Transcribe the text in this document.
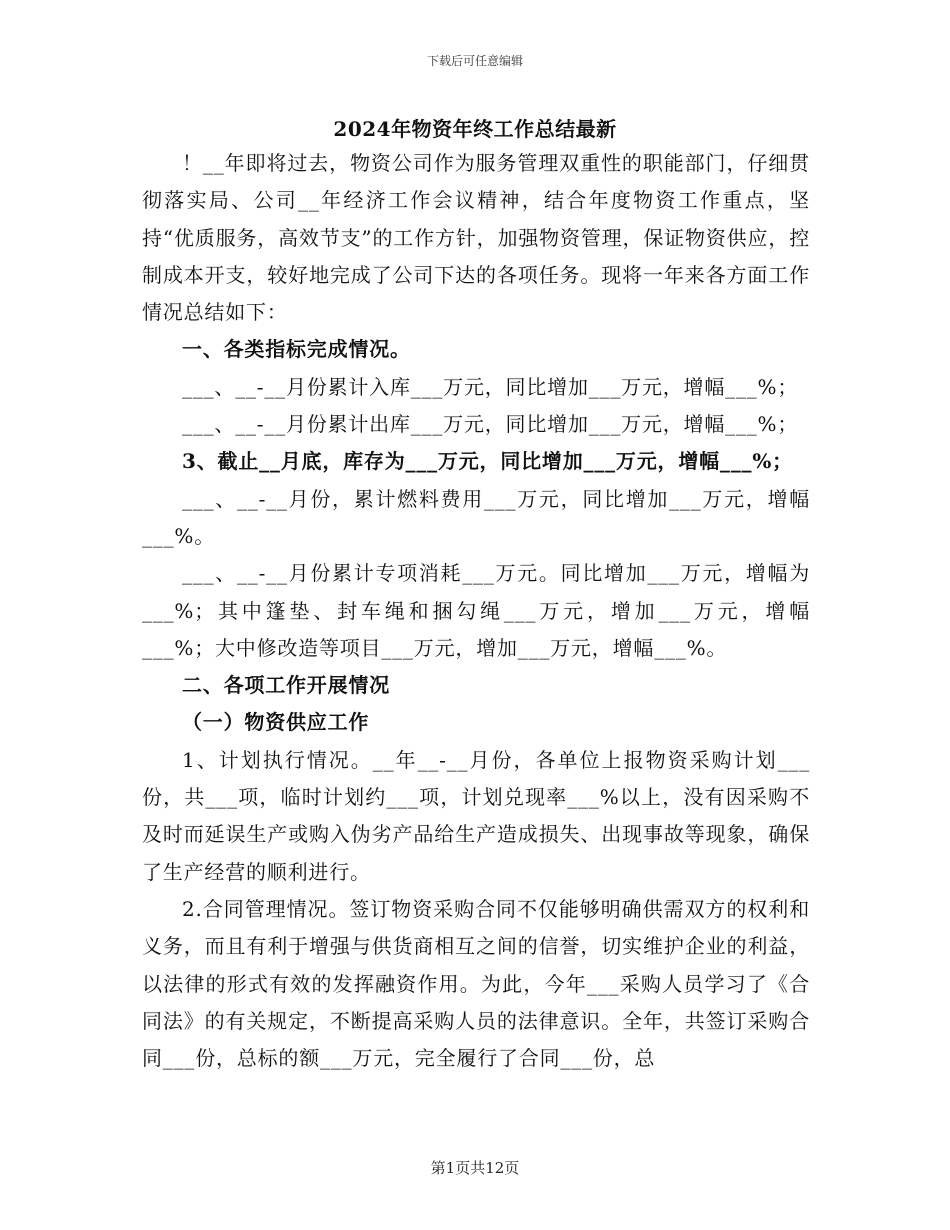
下载后可任意编辑
2024年物资年终工作总结最新

！__年即将过去，物资公司作为服务管理双重性的职能部门，仔细贯彻落实局、公司__年经济工作会议精神，结合年度物资工作重点，坚持“优质服务，高效节支”的工作方针，加强物资管理，保证物资供应，控制成本开支，较好地完成了公司下达的各项任务。现将一年来各方面工作情况总结如下：

一、各类指标完成情况。

___、__-__月份累计入库___万元，同比增加___万元，增幅___%；

___、__-__月份累计出库___万元，同比增加___万元，增幅___%；

3、截止__月底，库存为___万元，同比增加___万元，增幅___%；

___、__-__月份，累计燃料费用___万元，同比增加___万元，增幅___%。

___、__-__月份累计专项消耗___万元。同比增加___万元，增幅为___%；其中篷垫、封车绳和捆勾绳___万元，增加___万元，增幅___%；大中修改造等项目___万元，增加___万元，增幅___%。

二、各项工作开展情况

（一）物资供应工作

1、计划执行情况。__年__-__月份，各单位上报物资采购计划___份，共___项，临时计划约___项，计划兑现率___%以上，没有因采购不及时而延误生产或购入伪劣产品给生产造成损失、出现事故等现象，确保了生产经营的顺利进行。

2.合同管理情况。签订物资采购合同不仅能够明确供需双方的权利和义务，而且有利于增强与供货商相互之间的信誉，切实维护企业的利益，以法律的形式有效的发挥融资作用。为此，今年___采购人员学习了《合同法》的有关规定，不断提高采购人员的法律意识。全年，共签订采购合同___份，总标的额___万元，完全履行了合同___份，总

第1页共12页
